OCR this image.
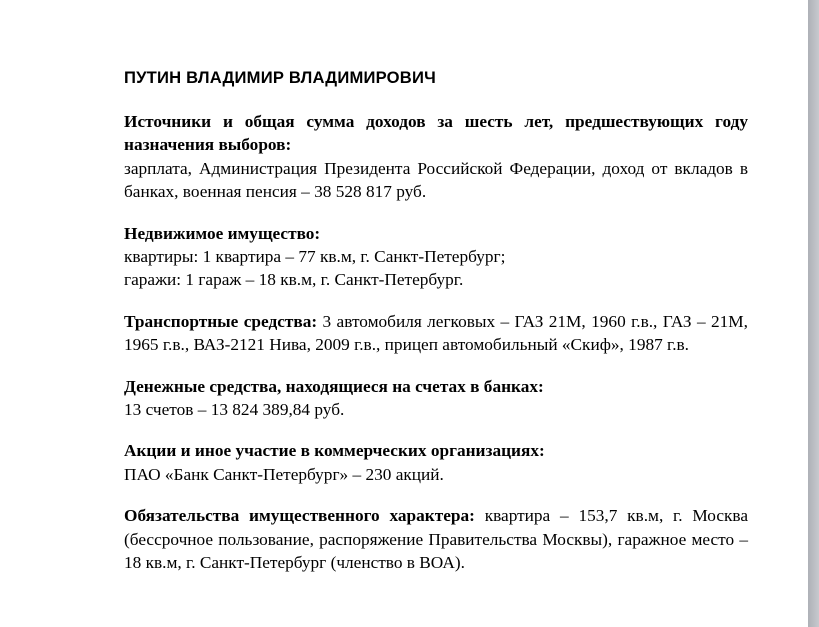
ПУТИН ВЛАДИМИР ВЛАДИМИРОВИЧ
Источники и общая сумма доходов за шесть лет, предшествующих году назначения выборов:
зарплата, Администрация Президента Российской Федерации, доход от вкладов в банках, военная пенсия – 38 528 817 руб.
Недвижимое имущество:
квартиры: 1 квартира – 77 кв.м, г. Санкт-Петербург;
гаражи: 1 гараж – 18 кв.м, г. Санкт-Петербург.
Транспортные средства: 3 автомобиля легковых – ГАЗ 21М, 1960 г.в., ГАЗ – 21М, 1965 г.в., ВАЗ-2121 Нива, 2009 г.в., прицеп автомобильный «Скиф», 1987 г.в.
Денежные средства, находящиеся на счетах в банках:
13 счетов – 13 824 389,84 руб.
Акции и иное участие в коммерческих организациях:
ПАО «Банк Санкт-Петербург» – 230 акций.
Обязательства имущественного характера: квартира – 153,7 кв.м, г. Москва (бессрочное пользование, распоряжение Правительства Москвы), гаражное место – 18 кв.м, г. Санкт-Петербург (членство в ВОА).
